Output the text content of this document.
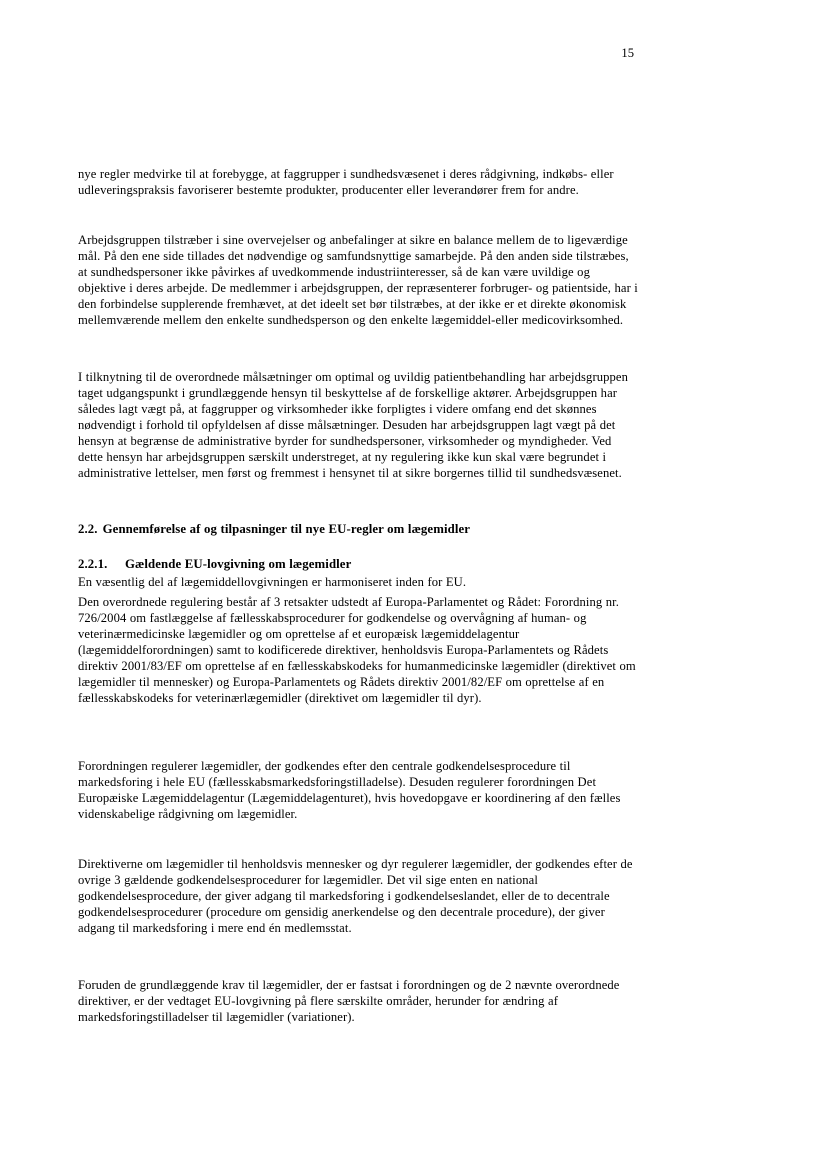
15

nye regler medvirke til at forebygge, at faggrupper i sundhedsvæsenet i deres rådgivning, indkøbs- eller udleveringspraksis favoriserer bestemte produkter, producenter eller leverandører frem for andre.

Arbejdsgruppen tilstræber i sine overvejelser og anbefalinger at sikre en balance mellem de to ligeværdige mål. På den ene side tillades det nødvendige og samfundsnyttige samarbejde. På den anden side tilstræbes, at sundhedspersoner ikke påvirkes af uvedkommende industriinteresser, så de kan være uvildige og objektive i deres arbejde. De medlemmer i arbejdsgruppen, der repræsenterer forbruger- og patientside, har i den forbindelse supplerende fremhævet, at det ideelt set bør tilstræbes, at der ikke er et direkte økonomisk mellemværende mellem den enkelte sundhedsperson og den enkelte lægemiddel-eller medicovirksomhed.

I tilknytning til de overordnede målsætninger om optimal og uvildig patientbehandling har arbejdsgruppen taget udgangspunkt i grundlæggende hensyn til beskyttelse af de forskellige aktører. Arbejdsgruppen har således lagt vægt på, at faggrupper og virksomheder ikke forpligtes i videre omfang end det skønnes nødvendigt i forhold til opfyldelsen af disse målsætninger. Desuden har arbejdsgruppen lagt vægt på det hensyn at begrænse de administrative byrder for sundhedspersoner, virksomheder og myndigheder. Ved dette hensyn har arbejdsgruppen særskilt understreget, at ny regulering ikke kun skal være begrundet i administrative lettelser, men først og fremmest i hensynet til at sikre borgernes tillid til sundhedsvæsenet.

2.2. Gennemførelse af og tilpasninger til nye EU-regler om lægemidler
2.2.1. Gældende EU-lovgivning om lægemidler

En væsentlig del af lægemiddellovgivningen er harmoniseret inden for EU.

Den overordnede regulering består af 3 retsakter udstedt af Europa-Parlamentet og Rådet: Forordning nr. 726/2004 om fastlæggelse af fællesskabsprocedurer for godkendelse og overvågning af human- og veterinærmedicinske lægemidler og om oprettelse af et europæisk lægemiddelagentur (lægemiddelforordningen) samt to kodificerede direktiver, henholdsvis Europa-Parlamentets og Rådets direktiv 2001/83/EF om oprettelse af en fællesskabskodeks for humanmedicinske lægemidler (direktivet om lægemidler til mennesker) og Europa-Parlamentets og Rådets direktiv 2001/82/EF om oprettelse af en fællesskabskodeks for veterinærlægemidler (direktivet om lægemidler til dyr).

Forordningen regulerer lægemidler, der godkendes efter den centrale godkendelsesprocedure til markedsforing i hele EU (fællesskabsmarkedsforingstilladelse). Desuden regulerer forordningen Det Europæiske Lægemiddelagentur (Lægemiddelagenturet), hvis hovedopgave er koordinering af den fælles videnskabelige rådgivning om lægemidler.

Direktiverne om lægemidler til henholdsvis mennesker og dyr regulerer lægemidler, der godkendes efter de ovrige 3 gældende godkendelsesprocedurer for lægemidler. Det vil sige enten en national godkendelsesprocedure, der giver adgang til markedsforing i godkendelseslandet, eller de to decentrale godkendelsesprocedurer (procedure om gensidig anerkendelse og den decentrale procedure), der giver adgang til markedsforing i mere end én medlemsstat.

Foruden de grundlæggende krav til lægemidler, der er fastsat i forordningen og de 2 nævnte overordnede direktiver, er der vedtaget EU-lovgivning på flere særskilte områder, herunder for ændring af markedsforingstilladelser til lægemidler (variationer).
